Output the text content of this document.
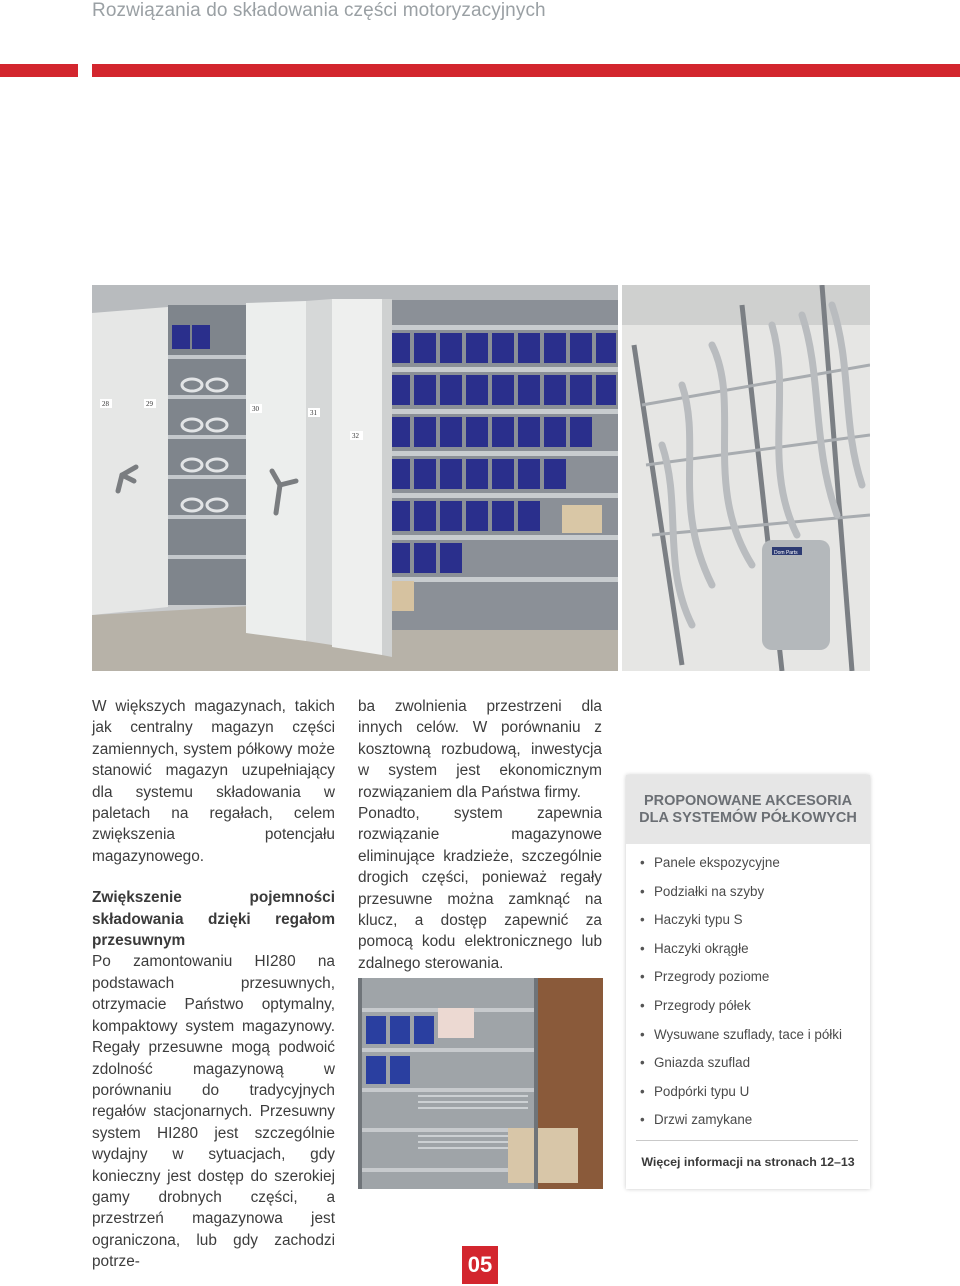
Rozwiązania do składowania części motoryzacyjnych
28	29
30	31
32
Dom Parts

W większych magazynach, takich jak centralny magazyn części zamiennych, system półkowy może stanowić magazyn uzupełniający dla systemu składowania w paletach na regałach, celem zwiększenia potencjału magazynowego.

Zwiększenie pojemności składowania dzięki regałom przesuwnym

Po zamontowaniu HI280 na podstawach przesuwnych, otrzymacie Państwo optymalny, kompaktowy system magazynowy. Regały przesuwne mogą podwoić zdolność magazynową w porównaniu do tradycyjnych regałów stacjonarnych. Przesuwny system HI280 jest szczególnie wydajny w sytuacjach, gdy konieczny jest dostęp do szerokiej gamy drobnych części, a przestrzeń magazynowa jest ograniczona, lub gdy zachodzi potrze-

ba zwolnienia przestrzeni dla innych celów. W porównaniu z kosztowną rozbudową, inwestycja w system jest ekonomicznym rozwiązaniem dla Państwa firmy.

Ponadto, system zapewnia rozwiązanie magazynowe eliminujące kradzieże, szczególnie drogich części, ponieważ regały przesuwne można zamknąć na klucz, a dostęp zapewnić za pomocą kodu elektronicznego lub zdalnego sterowania.

PROPONOWANE AKCESORIA
DLA SYSTEMÓW PÓŁKOWYCH
• Panele ekspozycyjne
• Podziałki na szyby
• Haczyki typu S
• Haczyki okrągłe
• Przegrody poziome
• Przegrody półek
• Wysuwane szuflady, tace i półki
• Gniazda szuflad
• Podpórki typu U
• Drzwi zamykane
Więcej informacji na stronach 12–13
05
